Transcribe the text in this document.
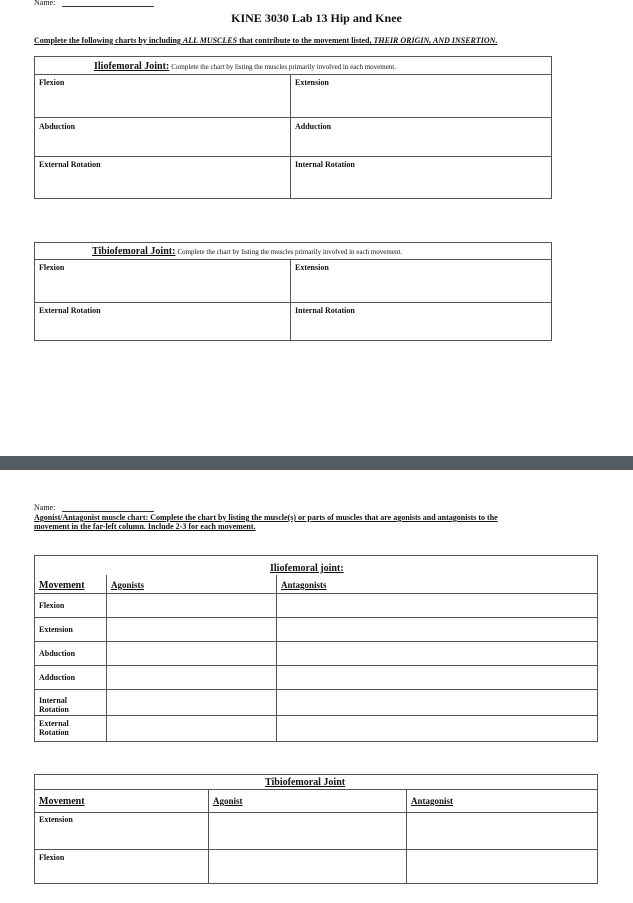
Name:
KINE 3030 Lab 13 Hip and Knee
Complete the following charts by including ALL MUSCLES that contribute to the movement listed, THEIR ORIGIN, AND INSERTION.
Iliofemoral Joint: Complete the chart by listing the muscles primarily involved in each movement.
Flexion	Extension
Abduction	Adduction
External Rotation	Internal Rotation
Tibiofemoral Joint: Complete the chart by listing the muscles primarily involved in each movement.
Flexion	Extension
External Rotation	Internal Rotation
Name:
Agonist/Antagonist muscle chart: Complete the chart by listing the muscle(s) or parts of muscles that are agonists and antagonists to the
movement in the far-left column. Include 2-3 for each movement.
Iliofemoral joint:
Movement	Agonists	Antagonists
Flexion
Extension
Abduction
Adduction
Internal Rotation
External Rotation
Tibiofemoral Joint
Movement	Agonist	Antagonist
Extension
Flexion
